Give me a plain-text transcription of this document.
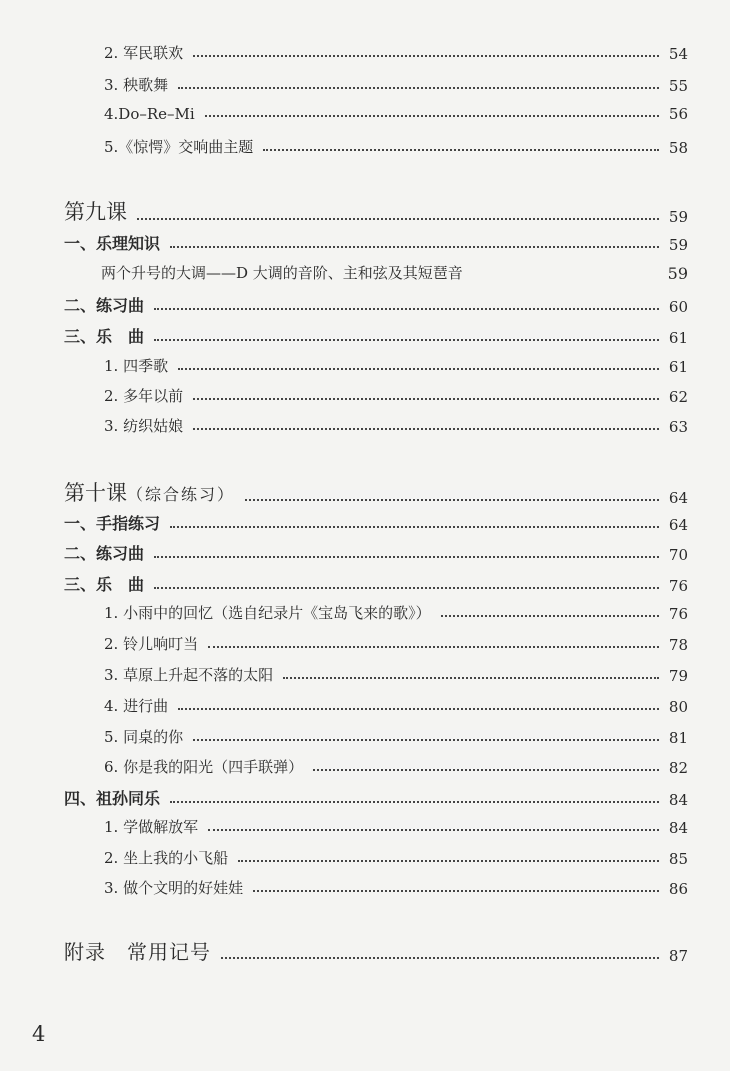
2. 军民联欢	54
3. 秧歌舞	55
4.Do–Re–Mi	56
5.《惊愕》交响曲主题	58
第九课	59
一、乐理知识	59
两个升号的大调——D 大调的音阶、主和弦及其短琶音	59
二、练习曲	60
三、乐　曲	61
1. 四季歌	61
2. 多年以前	62
3. 纺织姑娘	63
第十课（综合练习）	64
一、手指练习	64
二、练习曲	70
三、乐　曲	76
1. 小雨中的回忆（选自纪录片《宝岛飞来的歌》）	76
2. 铃儿响叮当	78
3. 草原上升起不落的太阳	79
4. 进行曲	80
5. 同桌的你	81
6. 你是我的阳光（四手联弹）	82
四、祖孙同乐	84
1. 学做解放军	84
2. 坐上我的小飞船	85
3. 做个文明的好娃娃	86
附录　常用记号	87
4
